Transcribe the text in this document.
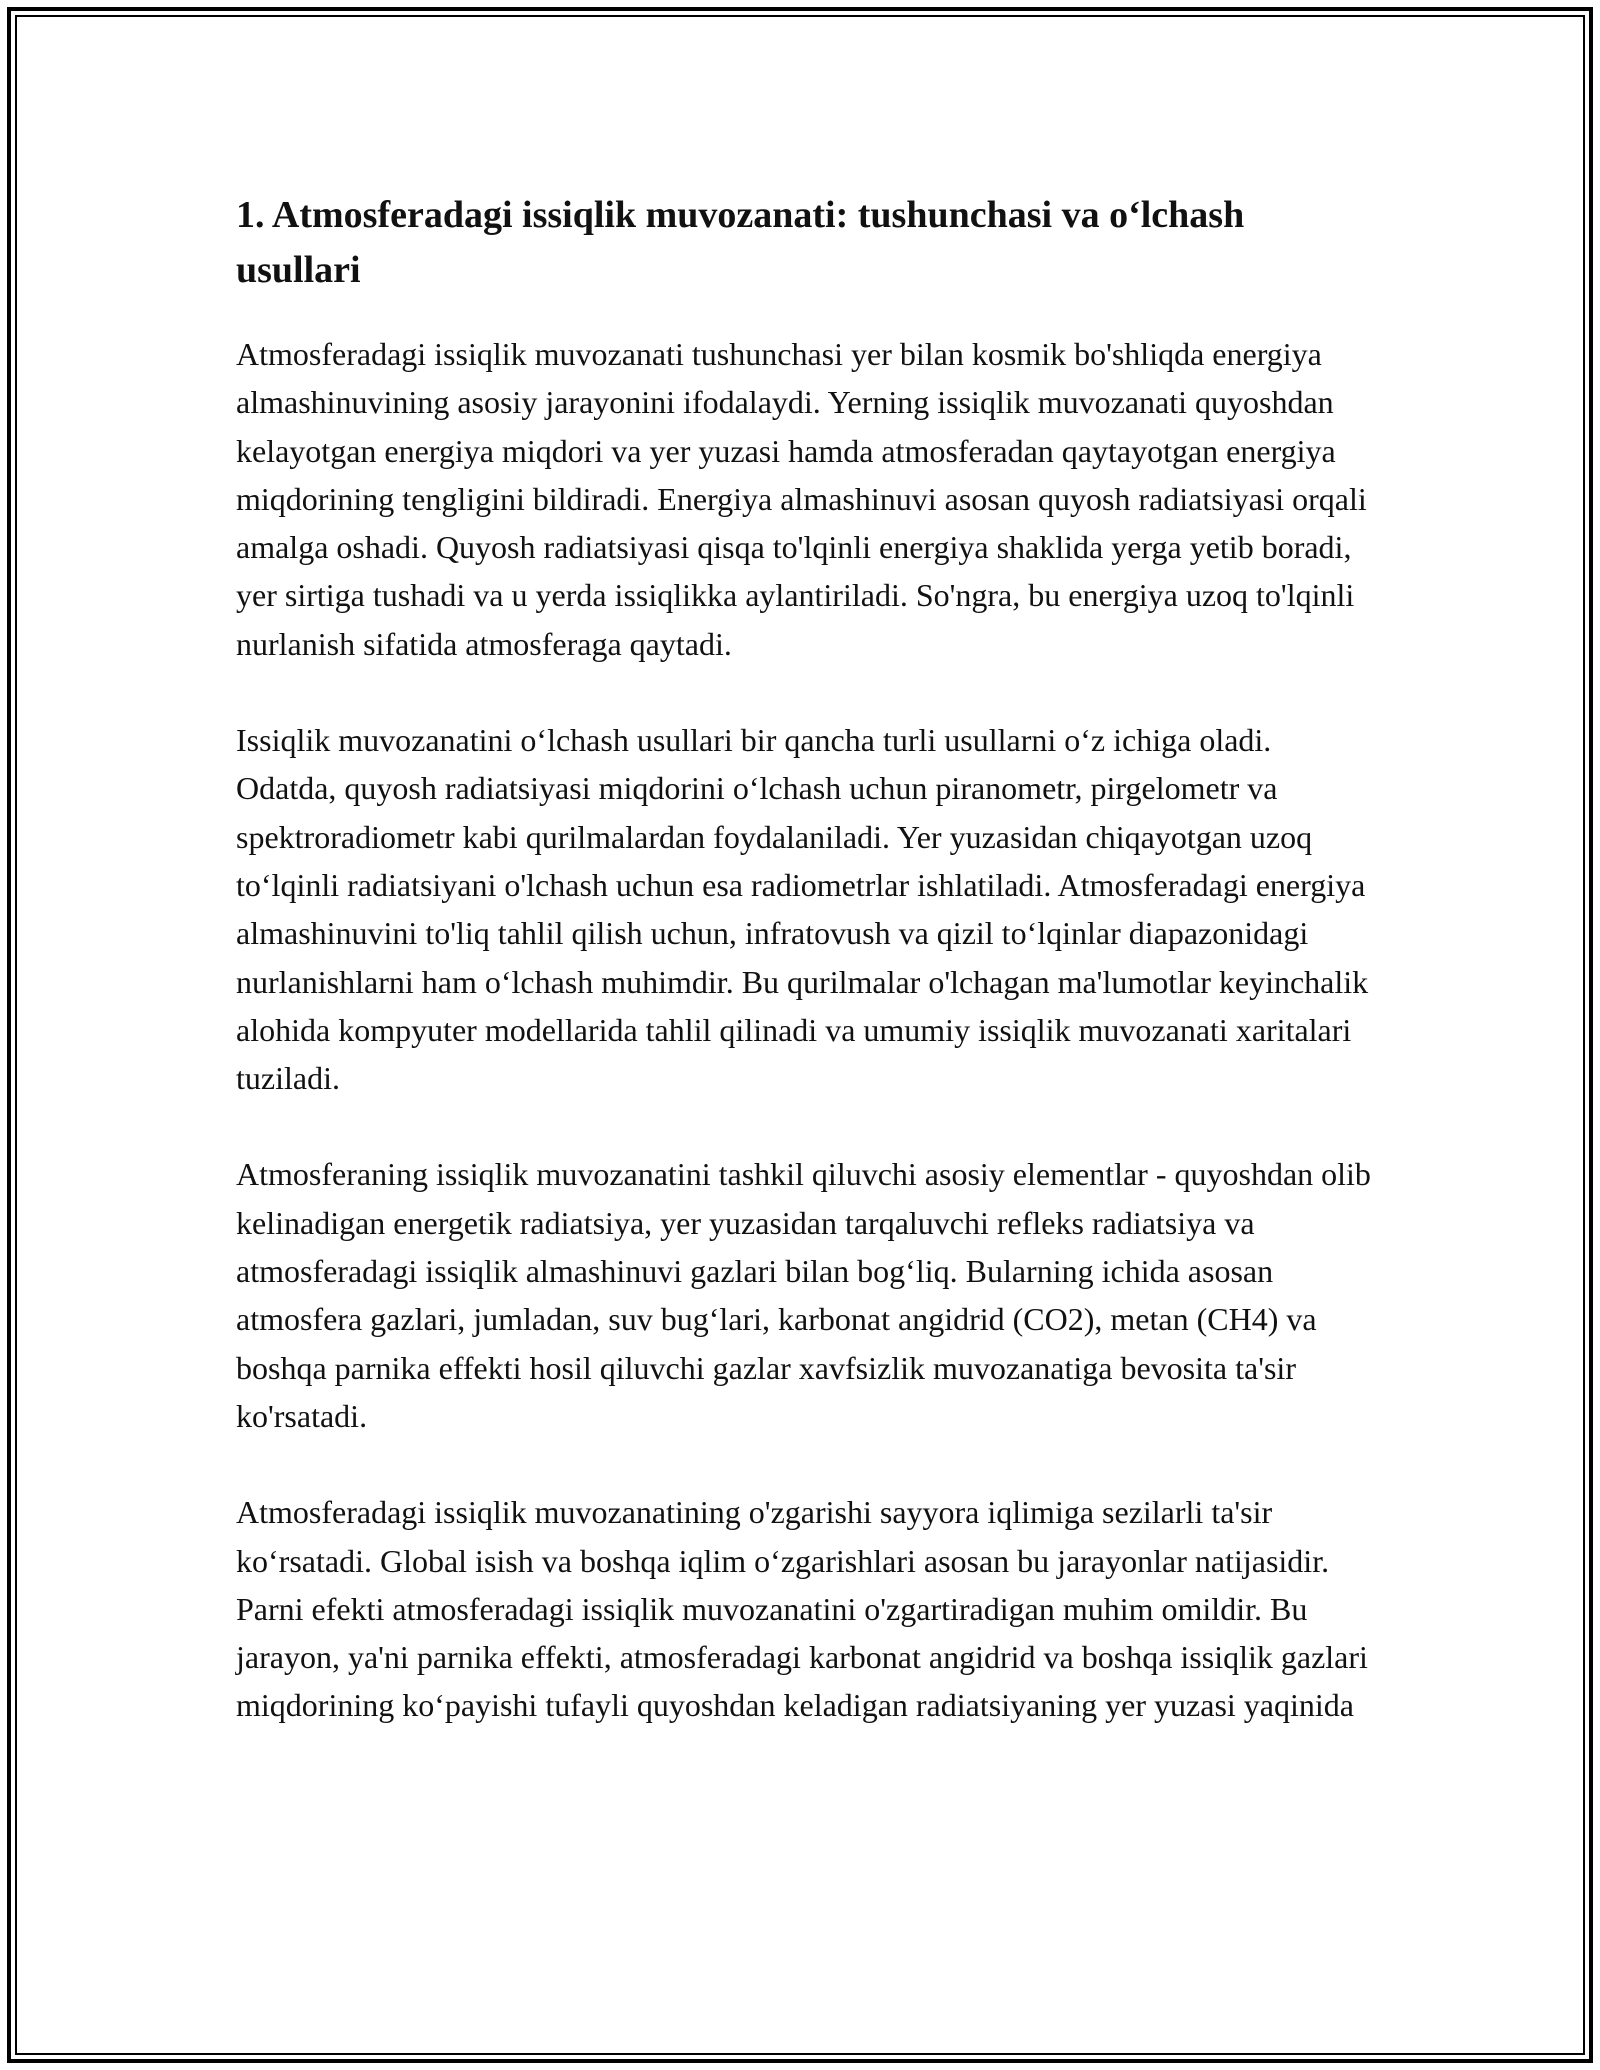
1. Atmosferadagi issiqlik muvozanati: tushunchasi va o‘lchash usullari

Atmosferadagi issiqlik muvozanati tushunchasi yer bilan kosmik bo'shliqda energiya almashinuvining asosiy jarayonini ifodalaydi. Yerning issiqlik muvozanati quyoshdan kelayotgan energiya miqdori va yer yuzasi hamda atmosferadan qaytayotgan energiya miqdorining tengligini bildiradi. Energiya almashinuvi asosan quyosh radiatsiyasi orqali amalga oshadi. Quyosh radiatsiyasi qisqa to'lqinli energiya shaklida yerga yetib boradi, yer sirtiga tushadi va u yerda issiqlikka aylantiriladi. So'ngra, bu energiya uzoq to'lqinli nurlanish sifatida atmosferaga qaytadi.

Issiqlik muvozanatini o‘lchash usullari bir qancha turli usullarni o‘z ichiga oladi. Odatda, quyosh radiatsiyasi miqdorini o‘lchash uchun piranometr, pirgelometr va spektroradiometr kabi qurilmalardan foydalaniladi. Yer yuzasidan chiqayotgan uzoq to‘lqinli radiatsiyani o'lchash uchun esa radiometrlar ishlatiladi. Atmosferadagi energiya almashinuvini to'liq tahlil qilish uchun, infratovush va qizil to‘lqinlar diapazonidagi nurlanishlarni ham o‘lchash muhimdir. Bu qurilmalar o'lchagan ma'lumotlar keyinchalik alohida kompyuter modellarida tahlil qilinadi va umumiy issiqlik muvozanati xaritalari tuziladi.

Atmosferaning issiqlik muvozanatini tashkil qiluvchi asosiy elementlar - quyoshdan olib kelinadigan energetik radiatsiya, yer yuzasidan tarqaluvchi refleks radiatsiya va atmosferadagi issiqlik almashinuvi gazlari bilan bog‘liq. Bularning ichida asosan atmosfera gazlari, jumladan, suv bug‘lari, karbonat angidrid (CO2), metan (CH4) va boshqa parnika effekti hosil qiluvchi gazlar xavfsizlik muvozanatiga bevosita ta'sir ko'rsatadi.

Atmosferadagi issiqlik muvozanatining o'zgarishi sayyora iqlimiga sezilarli ta'sir ko‘rsatadi. Global isish va boshqa iqlim o‘zgarishlari asosan bu jarayonlar natijasidir. Parni efekti atmosferadagi issiqlik muvozanatini o'zgartiradigan muhim omildir. Bu jarayon, ya'ni parnika effekti, atmosferadagi karbonat angidrid va boshqa issiqlik gazlari miqdorining ko‘payishi tufayli quyoshdan keladigan radiatsiyaning yer yuzasi yaqinida
